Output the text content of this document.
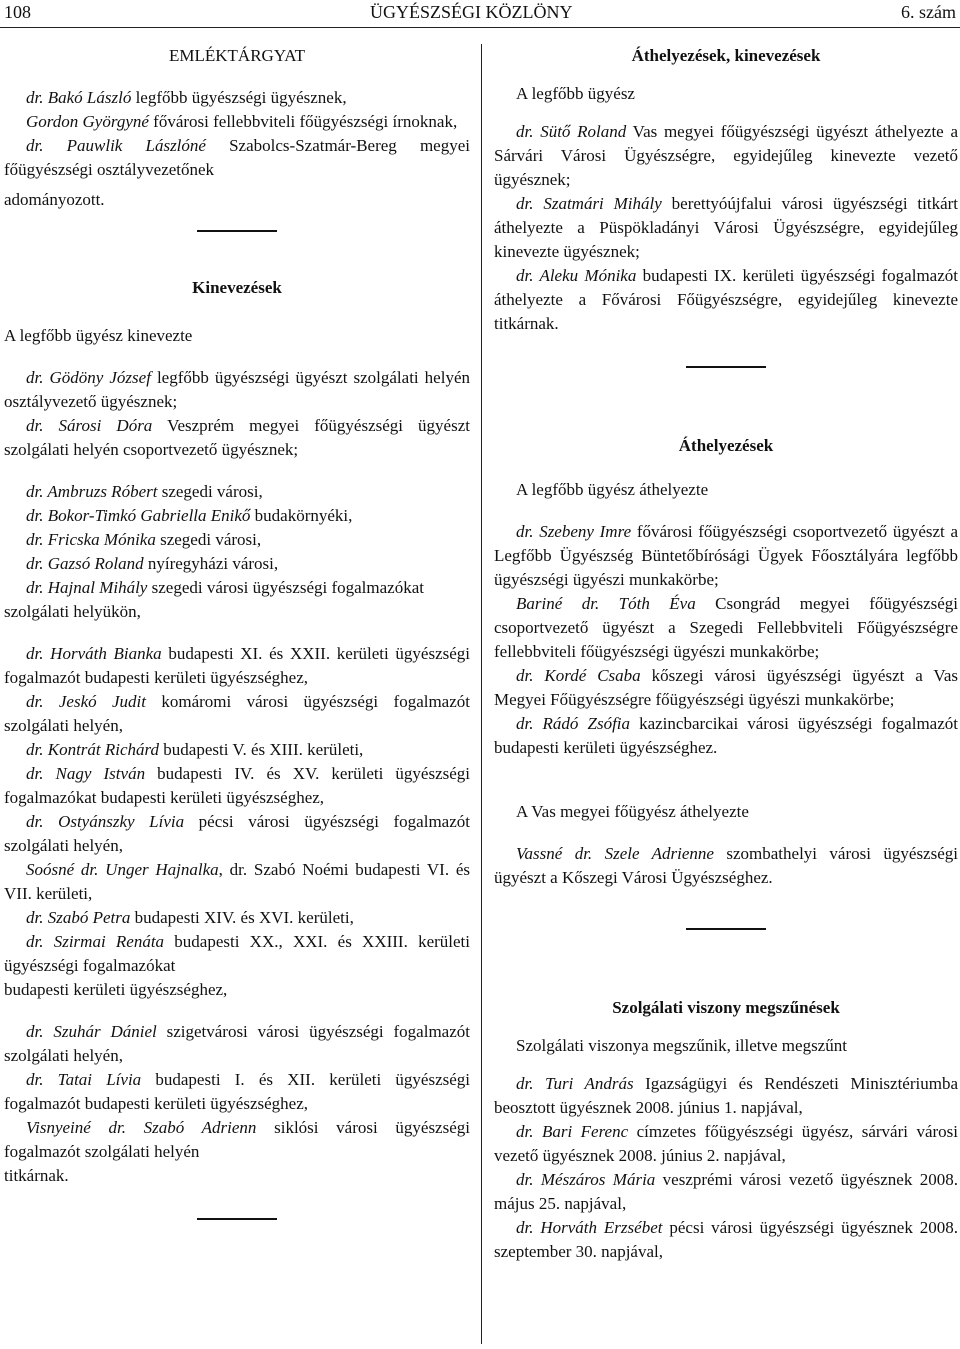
108	ÜGYÉSZSÉGI KÖZLÖNY	6. szám
EMLÉKTÁRGYAT

dr. Bakó László legfőbb ügyészségi ügyésznek,

Gordon Györgyné fővárosi fellebbviteli főügyészségi írnoknak,

dr. Pauwlik Lászlóné Szabolcs-Szatmár-Bereg megyei főügyészségi osztályvezetőnek

adományozott.

Kinevezések

A legfőbb ügyész kinevezte

dr. Gödöny József legfőbb ügyészségi ügyészt szolgálati helyén osztályvezető ügyésznek;

dr. Sárosi Dóra Veszprém megyei főügyészségi ügyészt szolgálati helyén csoportvezető ügyésznek;

dr. Ambruzs Róbert szegedi városi,

dr. Bokor-Timkó Gabriella Enikő budakörnyéki,

dr. Fricska Mónika szegedi városi,

dr. Gazsó Roland nyíregyházi városi,

dr. Hajnal Mihály szegedi városi ügyészségi fogalmazókat

szolgálati helyükön,

dr. Horváth Bianka budapesti XI. és XXII. kerületi ügyészségi fogalmazót budapesti kerületi ügyészséghez,

dr. Jeskó Judit komáromi városi ügyészségi fogalmazót szolgálati helyén,

dr. Kontrát Richárd budapesti V. és XIII. kerületi,

dr. Nagy István budapesti IV. és XV. kerületi ügyészségi fogalmazókat budapesti kerületi ügyészséghez,

dr. Ostyánszky Lívia pécsi városi ügyészségi fogalmazót szolgálati helyén,

Soósné dr. Unger Hajnalka, dr. Szabó Noémi budapesti VI. és VII. kerületi,

dr. Szabó Petra budapesti XIV. és XVI. kerületi,

dr. Szirmai Renáta budapesti XX., XXI. és XXIII. kerületi ügyészségi fogalmazókat

budapesti kerületi ügyészséghez,

dr. Szuhár Dániel szigetvárosi városi ügyészségi fogalmazót szolgálati helyén,

dr. Tatai Lívia budapesti I. és XII. kerületi ügyészségi fogalmazót budapesti kerületi ügyészséghez,

Visnyeiné dr. Szabó Adrienn siklósi városi ügyészségi fogalmazót szolgálati helyén

titkárnak.

Áthelyezések, kinevezések

A legfőbb ügyész

dr. Sütő Roland Vas megyei főügyészségi ügyészt áthelyezte a Sárvári Városi Ügyészségre, egyidejűleg kinevezte vezető ügyésznek;

dr. Szatmári Mihály berettyóújfalui városi ügyészségi titkárt áthelyezte a Püspökladányi Városi Ügyészségre, egyidejűleg kinevezte ügyésznek;

dr. Aleku Mónika budapesti IX. kerületi ügyészségi fogalmazót áthelyezte a Fővárosi Főügyészségre, egyidejűleg kinevezte titkárnak.

Áthelyezések

A legfőbb ügyész áthelyezte

dr. Szebeny Imre fővárosi főügyészségi csoportvezető ügyészt a Legfőbb Ügyészség Büntetőbírósági Ügyek Főosztályára legfőbb ügyészségi ügyészi munkakörbe;

Bariné dr. Tóth Éva Csongrád megyei főügyészségi csoportvezető ügyészt a Szegedi Fellebbviteli Főügyészségre fellebbviteli főügyészségi ügyészi munkakörbe;

dr. Kordé Csaba kőszegi városi ügyészségi ügyészt a Vas Megyei Főügyészségre főügyészségi ügyészi munkakörbe;

dr. Rádó Zsófia kazincbarcikai városi ügyészségi fogalmazót budapesti kerületi ügyészséghez.

A Vas megyei főügyész áthelyezte

Vassné dr. Szele Adrienne szombathelyi városi ügyészségi ügyészt a Kőszegi Városi Ügyészséghez.

Szolgálati viszony megszűnések

Szolgálati viszonya megszűnik, illetve megszűnt

dr. Turi András Igazságügyi és Rendészeti Minisztériumba beosztott ügyésznek 2008. június 1. napjával,

dr. Bari Ferenc címzetes főügyészségi ügyész, sárvári városi vezető ügyésznek 2008. június 2. napjával,

dr. Mészáros Mária veszprémi városi vezető ügyésznek 2008. május 25. napjával,

dr. Horváth Erzsébet pécsi városi ügyészségi ügyésznek 2008. szeptember 30. napjával,
